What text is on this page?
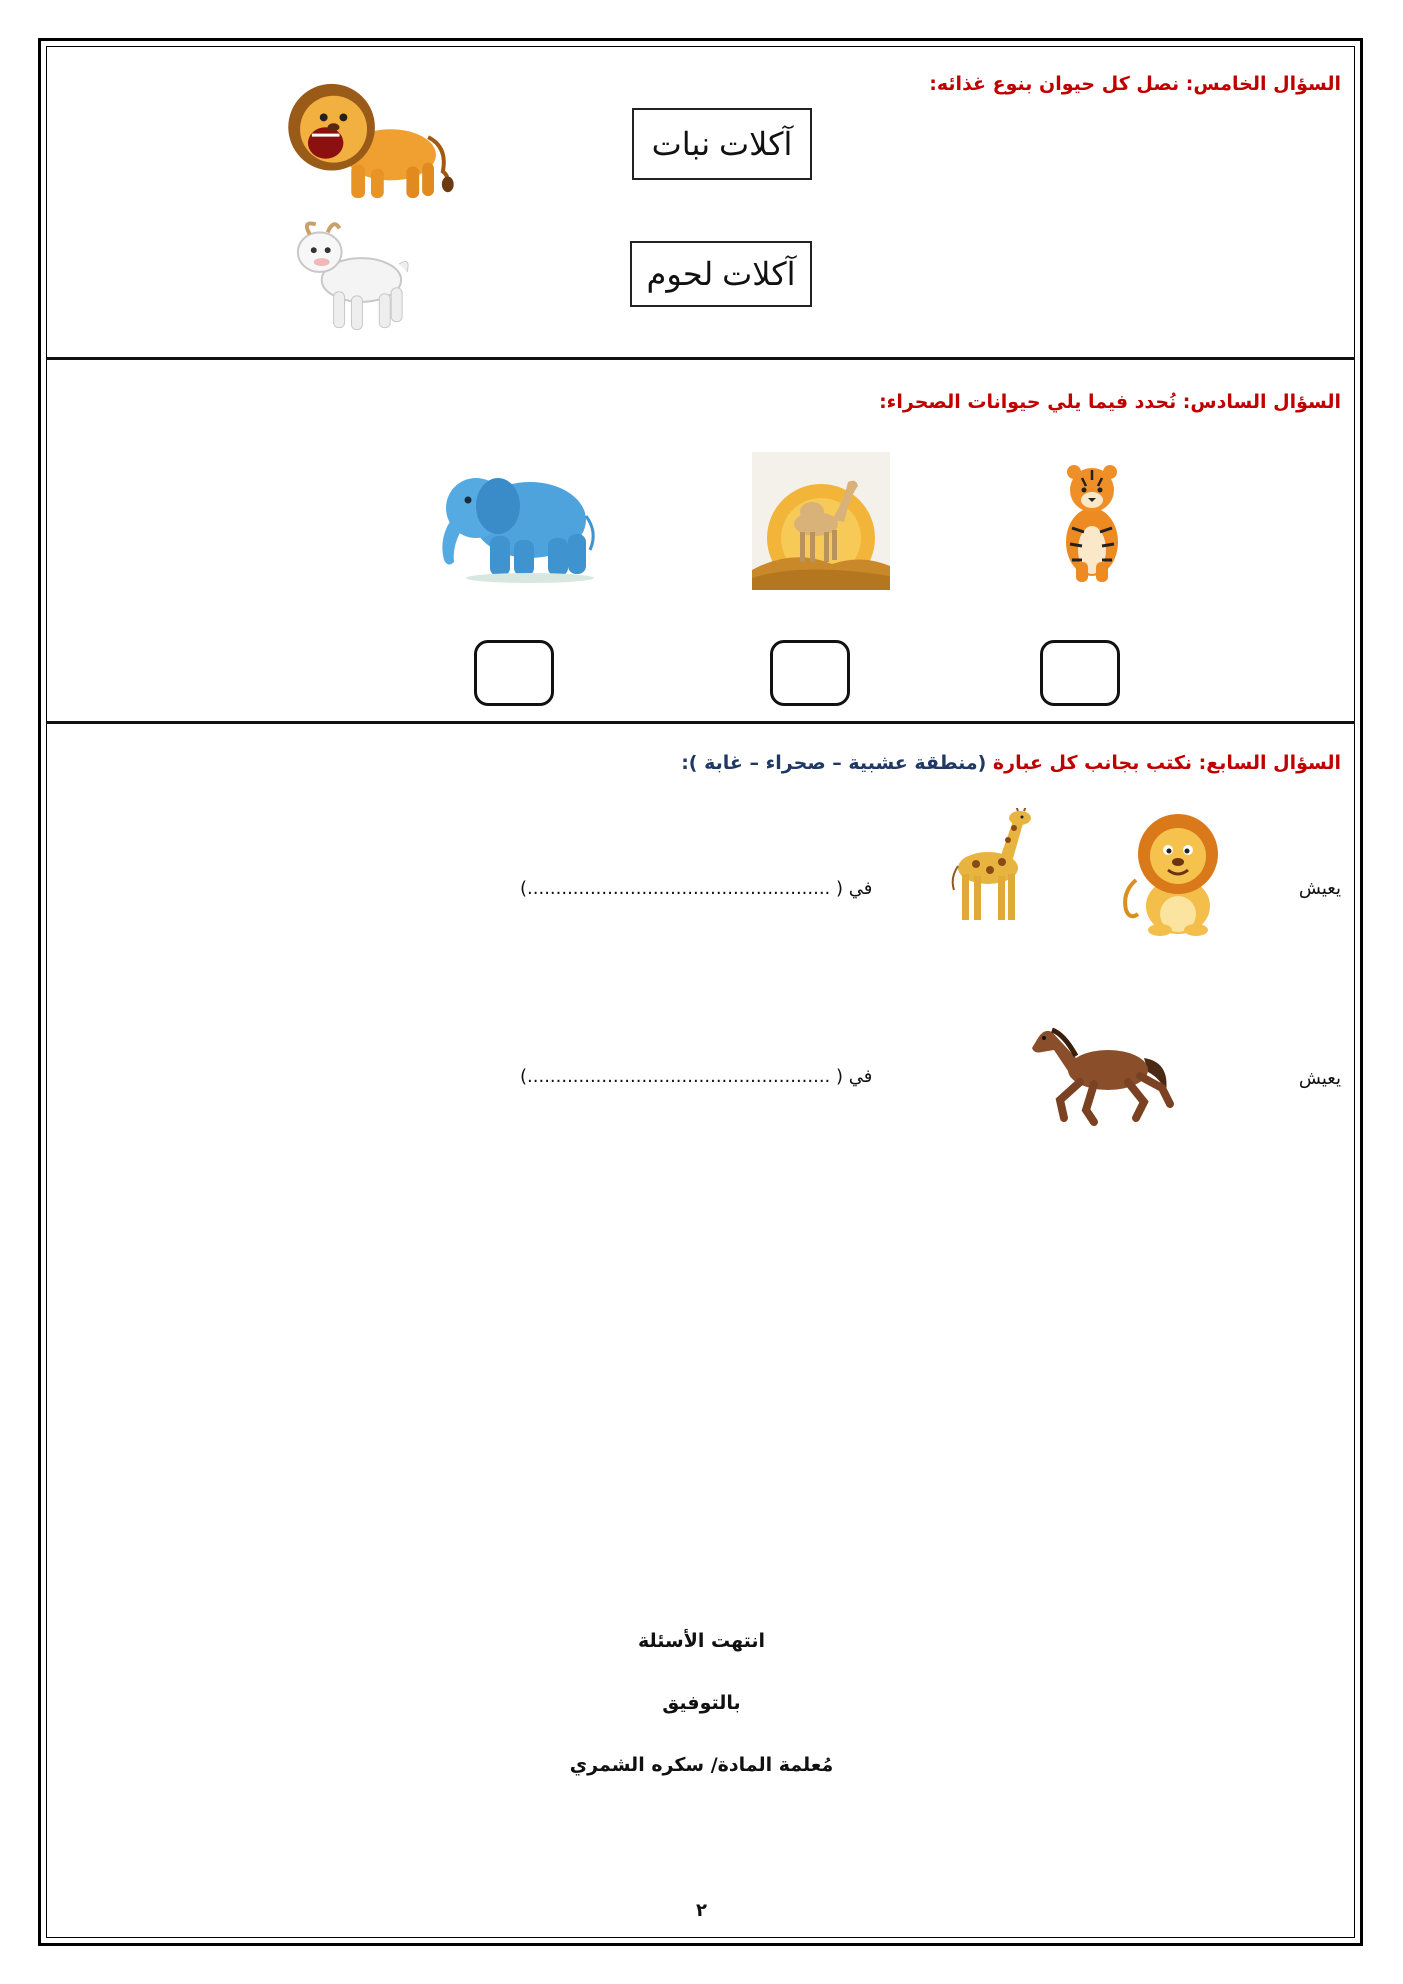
السؤال الخامس: نصل كل حيوان بنوع غذائه:
آكلات نبات
آكلات لحوم
السؤال السادس: نُحدد فيما يلي حيوانات الصحراء:
السؤال السابع: نكتب بجانب كل عبارة (منطقة عشبية – صحراء – غابة ):
يعيش
في ( .....................................................)
يعيش
في ( .....................................................)
انتهت الأسئلة
بالتوفيق
مُعلمة المادة/ سكره الشمري
٢
